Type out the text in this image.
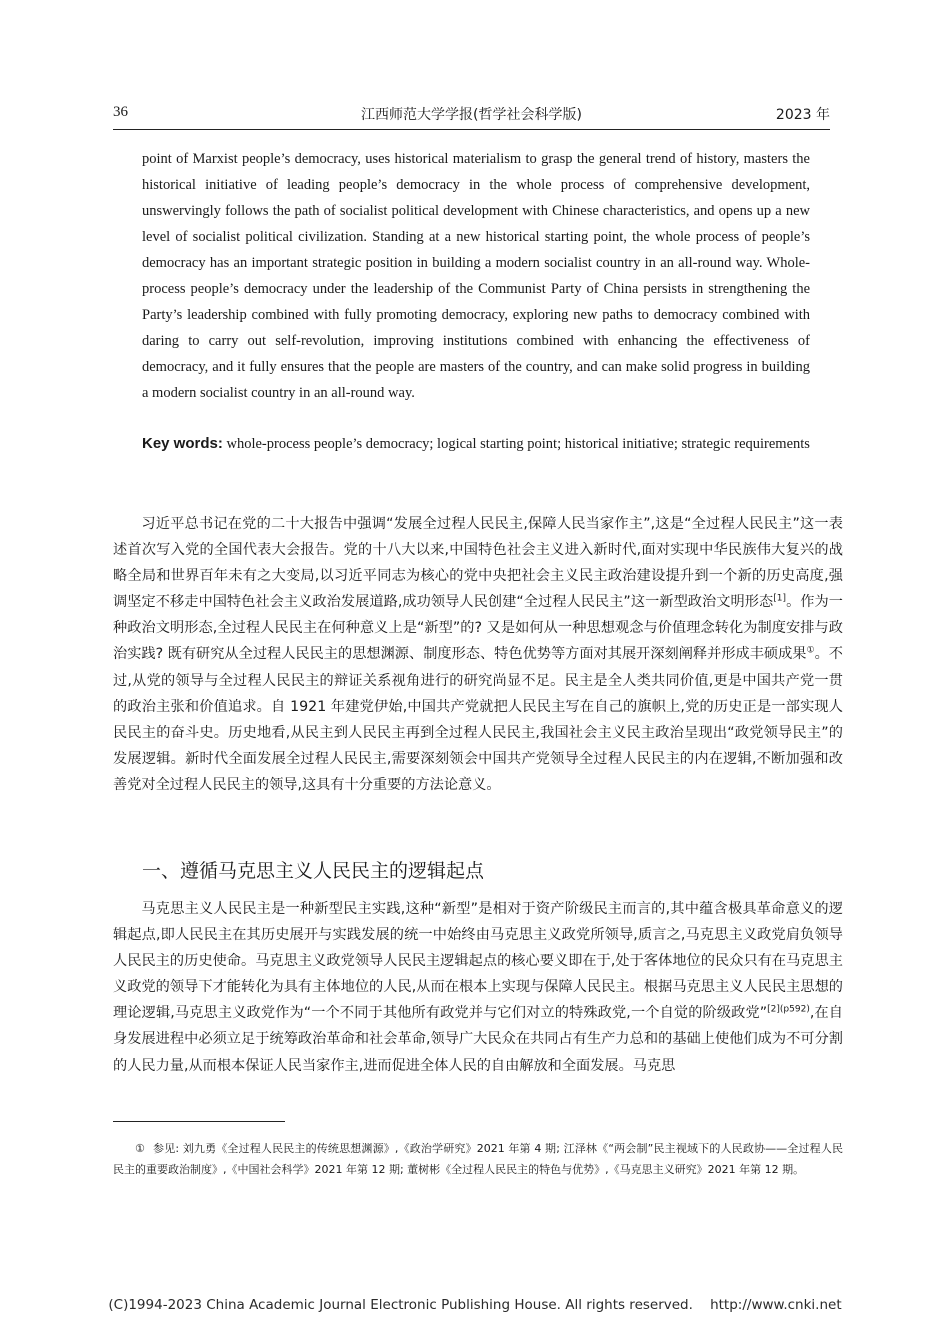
36	江西师范大学学报(哲学社会科学版)	2023 年
point of Marxist people’s democracy, uses historical materialism to grasp the general trend of history, masters the historical initiative of leading people’s democracy in the whole process of comprehensive development, unswervingly follows the path of socialist political development with Chinese characteristics, and opens up a new level of socialist political civilization. Standing at a new historical starting point, the whole process of people’s democracy has an important strategic position in building a modern socialist country in an all-round way. Whole-process people’s democracy under the leadership of the Communist Party of China persists in strengthening the Party’s leadership combined with fully promoting democracy, exploring new paths to democracy combined with daring to carry out self-revolution, improving institutions combined with enhancing the effectiveness of democracy, and it fully ensures that the people are masters of the country, and can make solid progress in building a modern socialist country in an all-round way.
Key words: whole-process people’s democracy; logical starting point; historical initiative; strategic requirements
习近平总书记在党的二十大报告中强调“发展全过程人民民主,保障人民当家作主”,这是“全过程人民民主”这一表述首次写入党的全国代表大会报告。党的十八大以来,中国特色社会主义进入新时代,面对实现中华民族伟大复兴的战略全局和世界百年未有之大变局,以习近平同志为核心的党中央把社会主义民主政治建设提升到一个新的历史高度,强调坚定不移走中国特色社会主义政治发展道路,成功领导人民创建“全过程人民民主”这一新型政治文明形态[1]。作为一种政治文明形态,全过程人民民主在何种意义上是“新型”的? 又是如何从一种思想观念与价值理念转化为制度安排与政治实践? 既有研究从全过程人民民主的思想渊源、制度形态、特色优势等方面对其展开深刻阐释并形成丰硕成果①。不过,从党的领导与全过程人民民主的辩证关系视角进行的研究尚显不足。民主是全人类共同价值,更是中国共产党一贯的政治主张和价值追求。自 1921 年建党伊始,中国共产党就把人民民主写在自己的旗帜上,党的历史正是一部实现人民民主的奋斗史。历史地看,从民主到人民民主再到全过程人民民主,我国社会主义民主政治呈现出“政党领导民主”的发展逻辑。新时代全面发展全过程人民民主,需要深刻领会中国共产党领导全过程人民民主的内在逻辑,不断加强和改善党对全过程人民民主的领导,这具有十分重要的方法论意义。
一、遵循马克思主义人民民主的逻辑起点
马克思主义人民民主是一种新型民主实践,这种“新型”是相对于资产阶级民主而言的,其中蕴含极具革命意义的逻辑起点,即人民民主在其历史展开与实践发展的统一中始终由马克思主义政党所领导,质言之,马克思主义政党肩负领导人民民主的历史使命。马克思主义政党领导人民民主逻辑起点的核心要义即在于,处于客体地位的民众只有在马克思主义政党的领导下才能转化为具有主体地位的人民,从而在根本上实现与保障人民民主。根据马克思主义人民民主思想的理论逻辑,马克思主义政党作为“一个不同于其他所有政党并与它们对立的特殊政党,一个自觉的阶级政党”$^{[2](p592)}$,在自身发展进程中必须立足于统筹政治革命和社会革命,领导广大民众在共同占有生产力总和的基础上使他们成为不可分割的人民力量,从而根本保证人民当家作主,进而促进全体人民的自由解放和全面发展。马克思
① 参见: 刘九勇《全过程人民民主的传统思想渊源》,《政治学研究》2021 年第 4 期; 江泽林《“两会制”民主视域下的人民政协——全过程人民民主的重要政治制度》,《中国社会科学》2021 年第 12 期; 董树彬《全过程人民民主的特色与优势》,《马克思主义研究》2021 年第 12 期。
(C)1994-2023 China Academic Journal Electronic Publishing House. All rights reserved.    http://www.cnki.net
